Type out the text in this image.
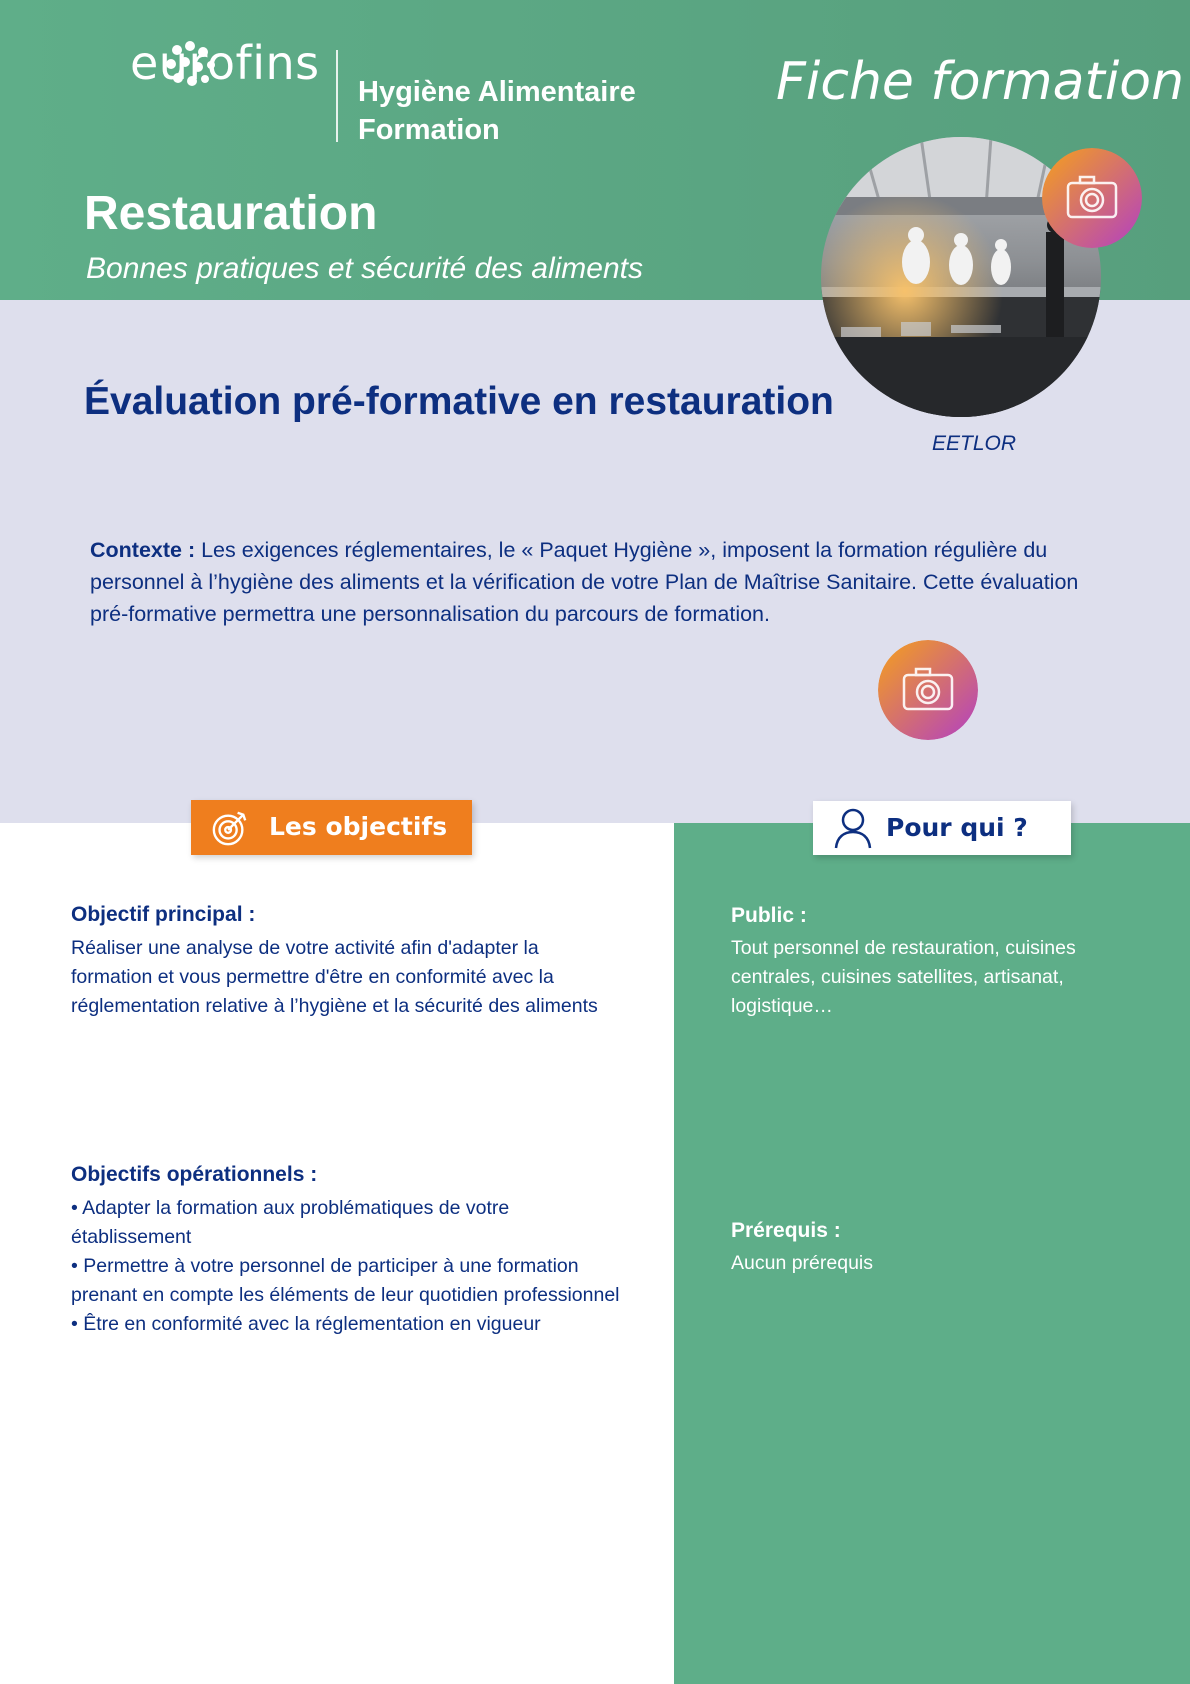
eurofins
Hygiène Alimentaire
Formation
Fiche formation
Restauration
Bonnes pratiques et sécurité des aliments
EETLOR
Évaluation pré-formative en restauration
Contexte : Les exigences réglementaires, le « Paquet Hygiène », imposent la formation régulière du personnel à l’hygiène des aliments et la vérification de votre Plan de Maîtrise Sanitaire. Cette évaluation pré-formative permettra une personnalisation du parcours de formation.
Les objectifs	Pour qui ?
Objectif principal :
Réaliser une analyse de votre activité afin d'adapter la formation et vous permettre d'être en conformité avec la réglementation relative à l’hygiène et la sécurité des aliments
Objectifs opérationnels :
• Adapter la formation aux problématiques de votre établissement
• Permettre à votre personnel de participer à une formation prenant en compte les éléments de leur quotidien professionnel
• Être en conformité avec la réglementation en vigueur
Public :
Tout personnel de restauration, cuisines centrales, cuisines satellites, artisanat, logistique…
Prérequis :
Aucun prérequis
